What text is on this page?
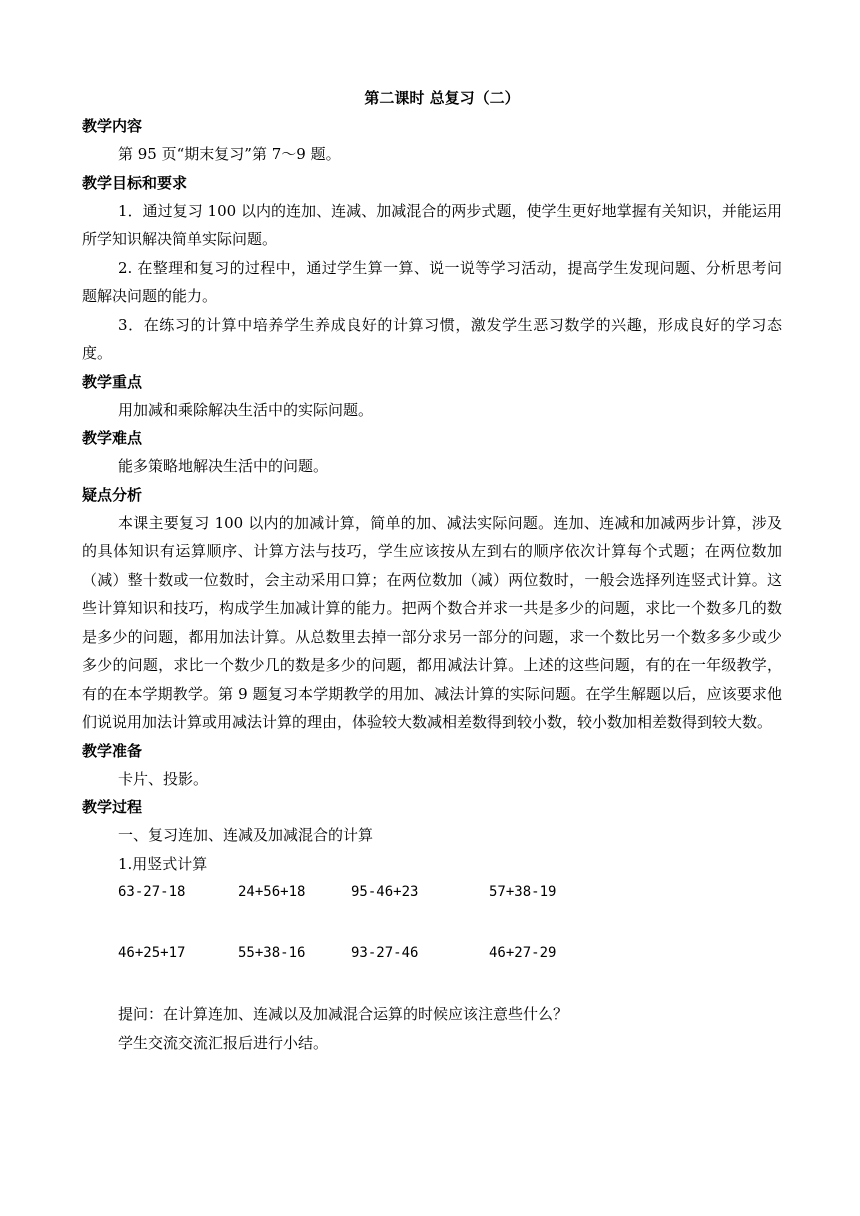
第二课时 总复习（二）
教学内容
第 95 页“期末复习”第 7～9 题。
教学目标和要求
1．通过复习 100 以内的连加、连减、加减混合的两步式题，使学生更好地掌握有关知识，并能运用所学知识解决简单实际问题。
2. 在整理和复习的过程中，通过学生算一算、说一说等学习活动，提高学生发现问题、分析思考问题解决问题的能力。
3．在练习的计算中培养学生养成良好的计算习惯，激发学生恶习数学的兴趣，形成良好的学习态度。
教学重点
用加减和乘除解决生活中的实际问题。
教学难点
能多策略地解决生活中的问题。
疑点分析
本课主要复习 100 以内的加减计算，简单的加、减法实际问题。连加、连减和加减两步计算，涉及的具体知识有运算顺序、计算方法与技巧，学生应该按从左到右的顺序依次计算每个式题；在两位数加（减）整十数或一位数时，会主动采用口算；在两位数加（减）两位数时，一般会选择列连竖式计算。这些计算知识和技巧，构成学生加减计算的能力。把两个数合并求一共是多少的问题，求比一个数多几的数是多少的问题，都用加法计算。从总数里去掉一部分求另一部分的问题，求一个数比另一个数多多少或少多少的问题，求比一个数少几的数是多少的问题，都用减法计算。上述的这些问题，有的在一年级教学，有的在本学期教学。第 9 题复习本学期教学的用加、减法计算的实际问题。在学生解题以后，应该要求他们说说用加法计算或用减法计算的理由，体验较大数减相差数得到较小数，较小数加相差数得到较大数。
教学准备
卡片、投影。
教学过程
一、复习连加、连减及加减混合的计算
1.用竖式计算
63-27-18	24+56+18	95-46+23	57+38-19
46+25+17	55+38-16	93-27-46	46+27-29
提问：在计算连加、连减以及加减混合运算的时候应该注意些什么？
学生交流交流汇报后进行小结。
